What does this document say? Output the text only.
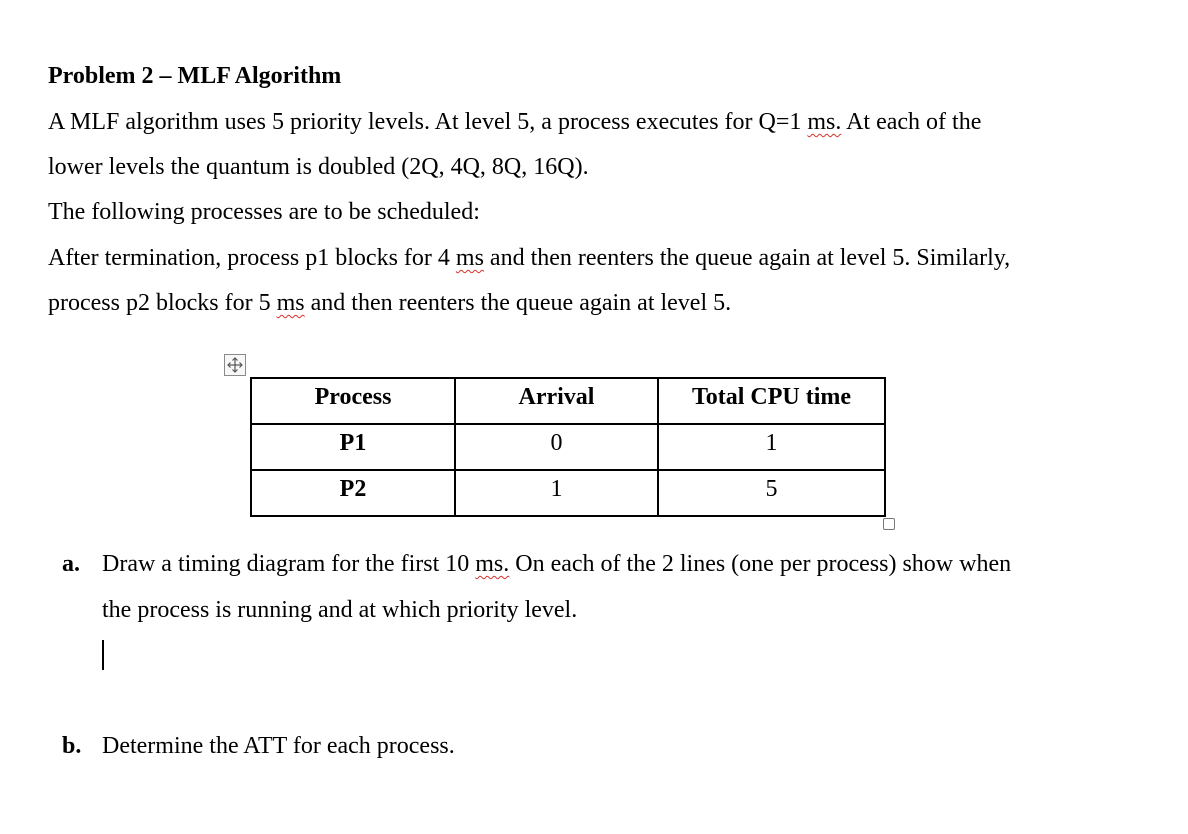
Problem 2 – MLF Algorithm
A MLF algorithm uses 5 priority levels. At level 5, a process executes for Q=1 ms. At each of the
lower levels the quantum is doubled (2Q, 4Q, 8Q, 16Q).
The following processes are to be scheduled:
After termination, process p1 blocks for 4 ms and then reenters the queue again at level 5. Similarly,
process p2 blocks for 5 ms and then reenters the queue again at level 5.
Process	Arrival	Total CPU time
P1	0	1
P2	1	5
a. Draw a timing diagram for the first 10 ms. On each of the 2 lines (one per process) show when
the process is running and at which priority level.
b. Determine the ATT for each process.
